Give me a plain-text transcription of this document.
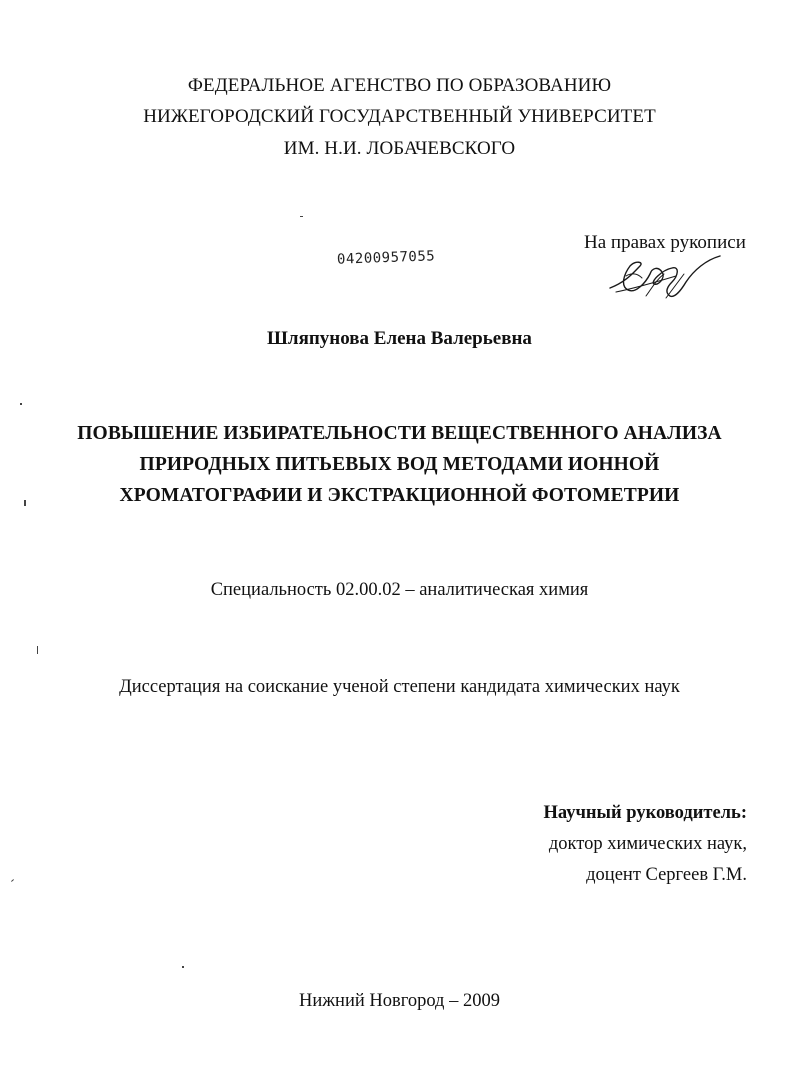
ФЕДЕРАЛЬНОЕ АГЕНСТВО ПО ОБРАЗОВАНИЮ
НИЖЕГОРОДСКИЙ ГОСУДАРСТВЕННЫЙ УНИВЕРСИТЕТ
ИМ. Н.И. ЛОБАЧЕВСКОГО
04200957055
На правах рукописи
Шляпунова Елена Валерьевна
ПОВЫШЕНИЕ ИЗБИРАТЕЛЬНОСТИ ВЕЩЕСТВЕННОГО АНАЛИЗА
ПРИРОДНЫХ ПИТЬЕВЫХ ВОД МЕТОДАМИ ИОННОЙ
ХРОМАТОГРАФИИ И ЭКСТРАКЦИОННОЙ ФОТОМЕТРИИ
Специальность 02.00.02 – аналитическая химия
Диссертация на соискание ученой степени кандидата химических наук
Научный руководитель:
доктор химических наук,
доцент Сергеев Г.М.
Нижний Новгород – 2009
